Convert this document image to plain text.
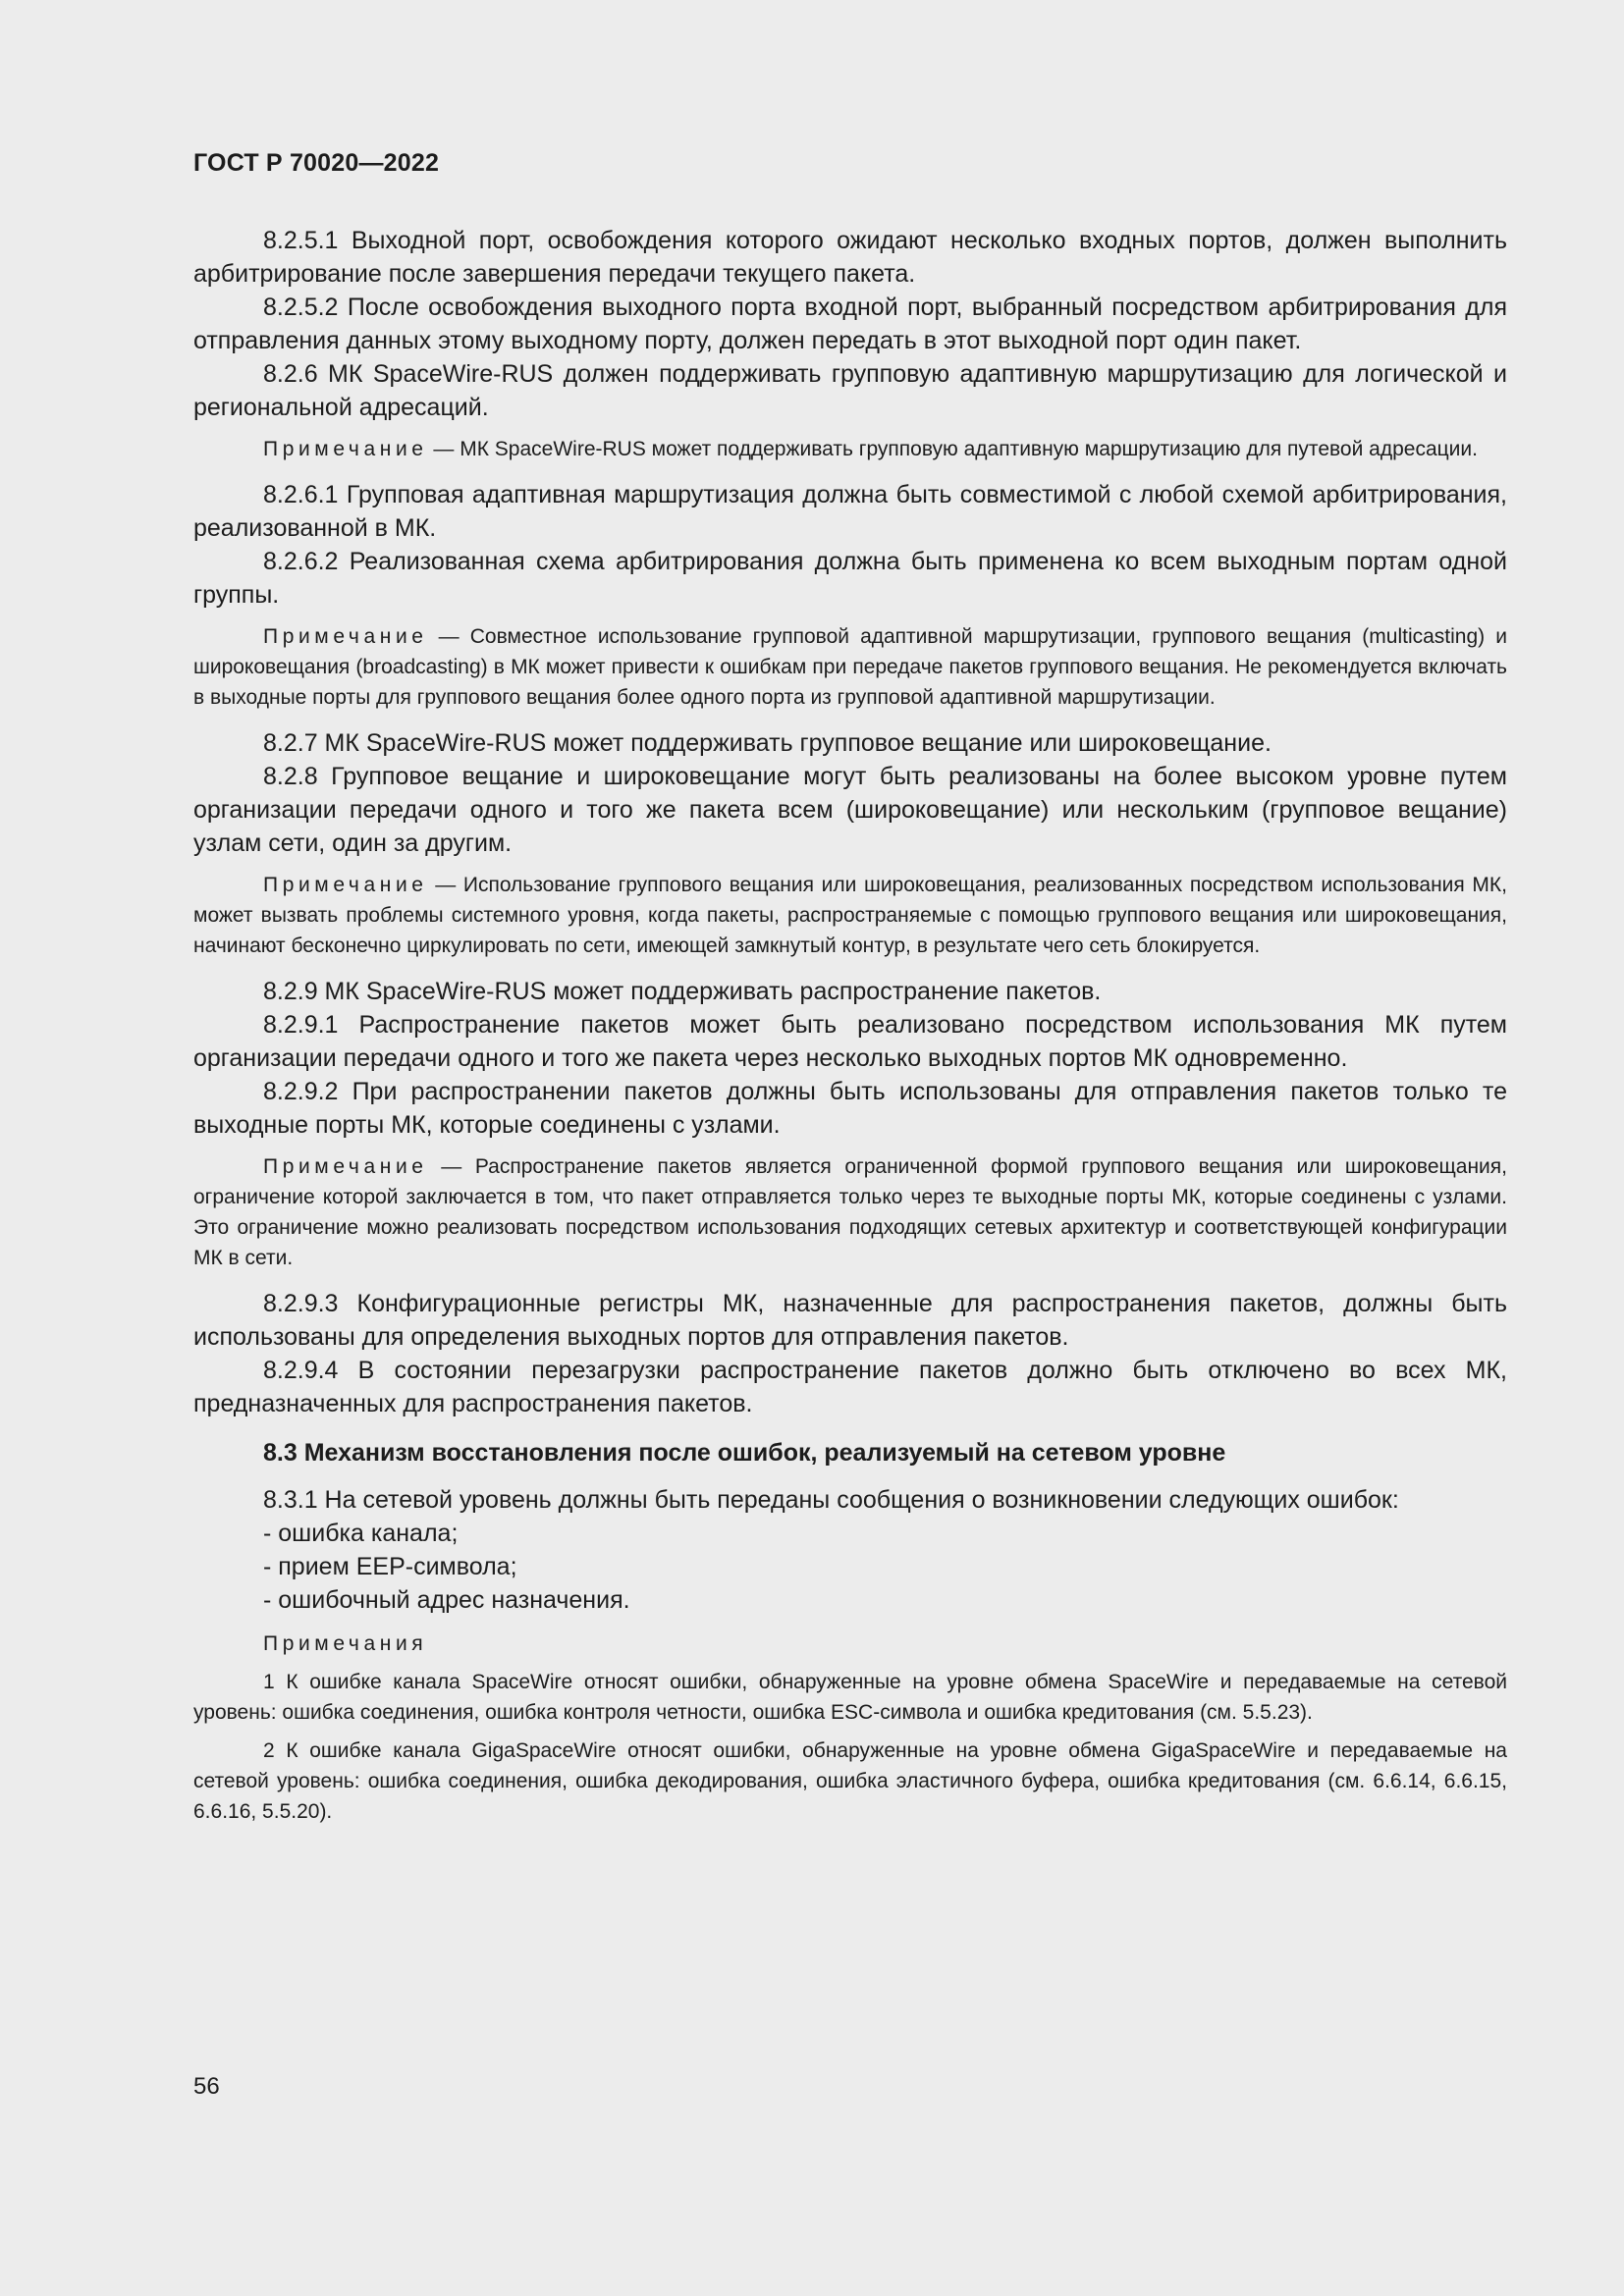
ГОСТ Р 70020—2022

8.2.5.1 Выходной порт, освобождения которого ожидают несколько входных портов, должен выполнить арбитрирование после завершения передачи текущего пакета.

8.2.5.2 После освобождения выходного порта входной порт, выбранный посредством арбитрирования для отправления данных этому выходному порту, должен передать в этот выходной порт один пакет.

8.2.6 МК SpaceWire-RUS должен поддерживать групповую адаптивную маршрутизацию для логической и региональной адресаций.

Примечание — МК SpaceWire-RUS может поддерживать групповую адаптивную маршрутизацию для путевой адресации.

8.2.6.1 Групповая адаптивная маршрутизация должна быть совместимой с любой схемой арбитрирования, реализованной в МК.

8.2.6.2 Реализованная схема арбитрирования должна быть применена ко всем выходным портам одной группы.

Примечание — Совместное использование групповой адаптивной маршрутизации, группового вещания (multicasting) и широковещания (broadcasting) в МК может привести к ошибкам при передаче пакетов группового вещания. Не рекомендуется включать в выходные порты для группового вещания более одного порта из групповой адаптивной маршрутизации.

8.2.7 МК SpaceWire-RUS может поддерживать групповое вещание или широковещание.

8.2.8 Групповое вещание и широковещание могут быть реализованы на более высоком уровне путем организации передачи одного и того же пакета всем (широковещание) или нескольким (групповое вещание) узлам сети, один за другим.

Примечание — Использование группового вещания или широковещания, реализованных посредством использования МК, может вызвать проблемы системного уровня, когда пакеты, распространяемые с помощью группового вещания или широковещания, начинают бесконечно циркулировать по сети, имеющей замкнутый контур, в результате чего сеть блокируется.

8.2.9 МК SpaceWire-RUS может поддерживать распространение пакетов.

8.2.9.1 Распространение пакетов может быть реализовано посредством использования МК путем организации передачи одного и того же пакета через несколько выходных портов МК одновременно.

8.2.9.2 При распространении пакетов должны быть использованы для отправления пакетов только те выходные порты МК, которые соединены с узлами.

Примечание — Распространение пакетов является ограниченной формой группового вещания или широковещания, ограничение которой заключается в том, что пакет отправляется только через те выходные порты МК, которые соединены с узлами. Это ограничение можно реализовать посредством использования подходящих сетевых архитектур и соответствующей конфигурации МК в сети.

8.2.9.3 Конфигурационные регистры МК, назначенные для распространения пакетов, должны быть использованы для определения выходных портов для отправления пакетов.

8.2.9.4 В состоянии перезагрузки распространение пакетов должно быть отключено во всех МК, предназначенных для распространения пакетов.

8.3 Механизм восстановления после ошибок, реализуемый на сетевом уровне

8.3.1 На сетевой уровень должны быть переданы сообщения о возникновении следующих ошибок:

- ошибка канала;

- прием EEP-символа;

- ошибочный адрес назначения.

Примечания

1 К ошибке канала SpaceWire относят ошибки, обнаруженные на уровне обмена SpaceWire и передаваемые на сетевой уровень: ошибка соединения, ошибка контроля четности, ошибка ESC-символа и ошибка кредитования (см. 5.5.23).

2 К ошибке канала GigaSpaceWire относят ошибки, обнаруженные на уровне обмена GigaSpaceWire и передаваемые на сетевой уровень: ошибка соединения, ошибка декодирования, ошибка эластичного буфера, ошибка кредитования (см. 6.6.14, 6.6.15, 6.6.16, 5.5.20).

56
